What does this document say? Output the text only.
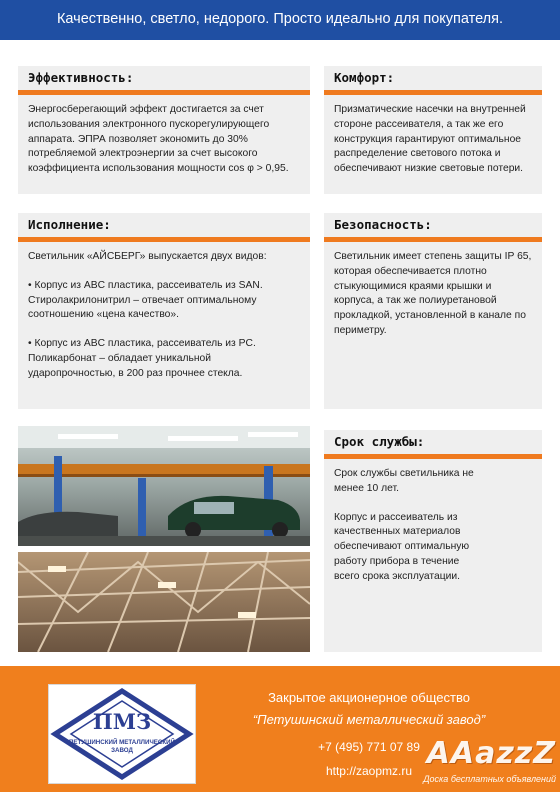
Качественно, светло, недорого. Просто идеально для покупателя.
Эффективность:

Энергосберегающий эффект достигается за счет использования электронного пускорегулирующего аппарата. ЭПРА позволяет экономить до 30% потребляемой электроэнергии за счет высокого коэффициента использования мощности cos φ > 0,95.

Комфорт:

Призматические насечки на внутренней стороне рассеивателя, а так же его конструкция гарантируют оптимальное распределение светового потока и обеспечивают низкие световые потери.

Исполнение:

Светильник «АЙСБЕРГ» выпускается двух видов:

• Корпус из ABC пластика, рассеиватель из SAN. Стиролакрилонитрил – отвечает оптимальному соотношению «цена качество».

• Корпус из ABC пластика, рассеиватель из PC. Поликарбонат – обладает уникальной ударопрочностью, в 200 раз прочнее стекла.

Безопасность:

Светильник имеет степень защиты IP 65, которая обеспечивается плотно стыкующимися краями крышки и корпуса, а так же полиуретановой прокладкой, установленной в канале по периметру.

Срок службы:

Срок службы светильника не менее 10 лет.

Корпус и рассеиватель из качественных материалов обеспечивают оптимальную работу прибора в течение всего срока эксплуатации.

ПМЗ
ПЕТУШИНСКИЙ МЕТАЛЛИЧЕСКИЙ
ЗАВОД
Закрытое акционерное общество
“Петушинский металлический завод”
+7 (495) 771 07 89
http://zaopmz.ru AAazzZ
Доска бесплатных объявлений
